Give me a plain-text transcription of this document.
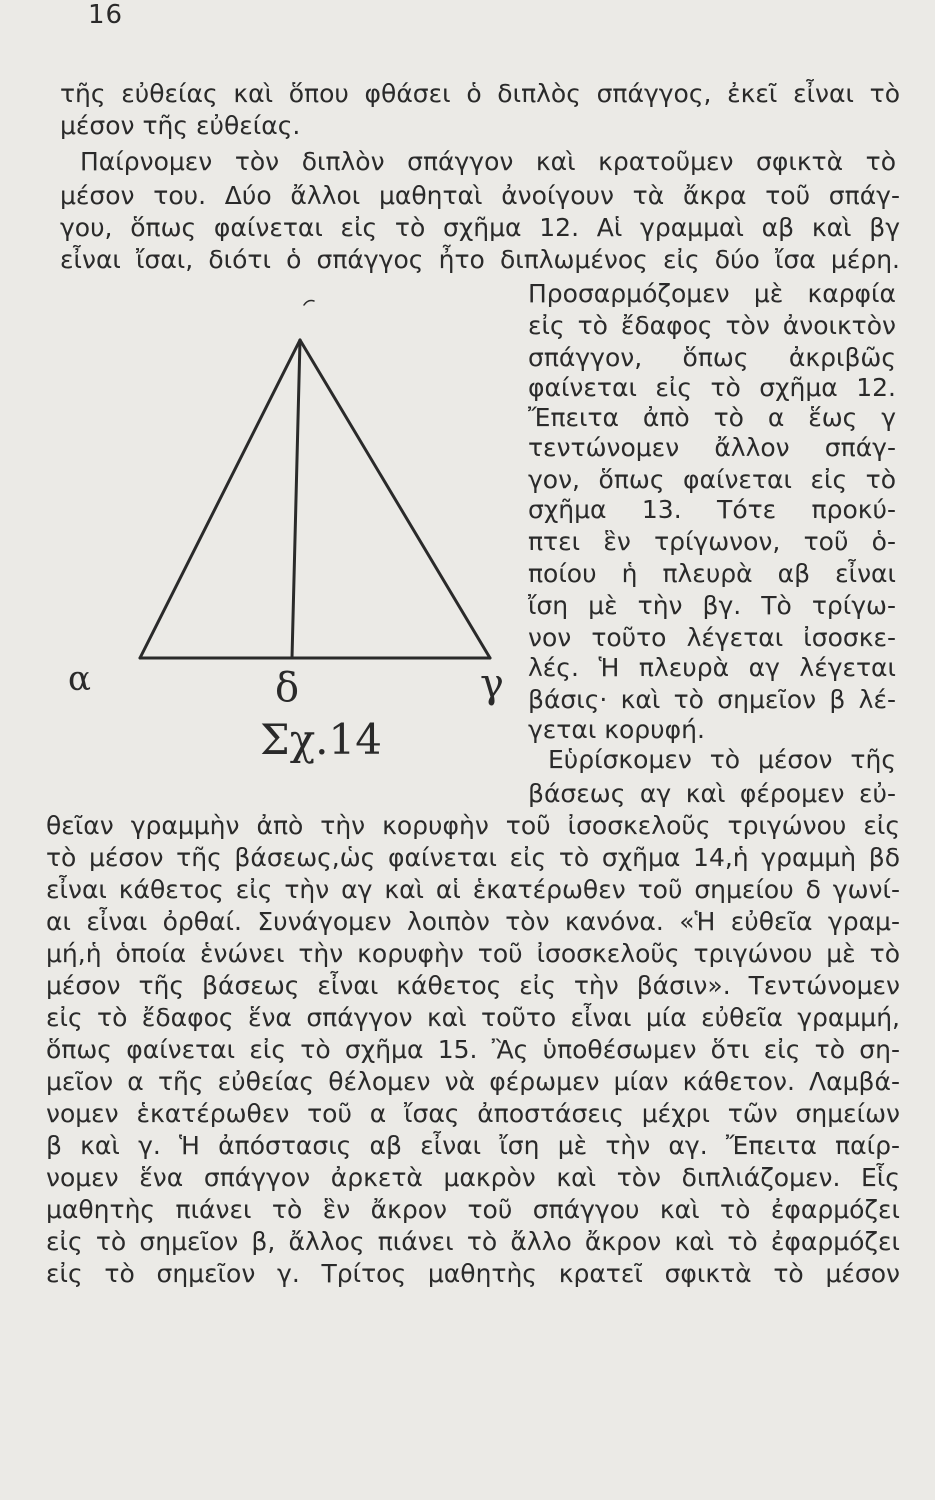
16
τῆς εὐθείας καὶ ὅπου φθάσει ὁ διπλὸς σπάγγος, ἐκεῖ εἶναι τὸ
μέσον τῆς εὐθείας.
Παίρνομεν τὸν διπλὸν σπάγγον καὶ κρατοῦμεν σφικτὰ τὸ
μέσον του. Δύο ἄλλοι μαθηταὶ ἀνοίγουν τὰ ἄκρα τοῦ σπάγ-
γου, ὅπως φαίνεται εἰς τὸ σχῆμα 12. Αἱ γραμμαὶ αβ καὶ βγ
εἶναι ἴσαι, διότι ὁ σπάγγος ἦτο διπλωμένος εἰς δύο ἴσα μέρη.
Προσαρμόζομεν μὲ καρφία
εἰς τὸ ἔδαφος τὸν ἀνοικτὸν
σπάγγον, ὅπως ἀκριβῶς
φαίνεται εἰς τὸ σχῆμα 12.
Ἔπειτα ἀπὸ τὸ α ἕως γ
τεντώνομεν ἄλλον σπάγ-
γον, ὅπως φαίνεται εἰς τὸ
σχῆμα 13. Τότε προκύ-
πτει ἓν τρίγωνον, τοῦ ὁ-
ποίου ἡ πλευρὰ αβ εἶναι
ἴση μὲ τὴν βγ. Τὸ τρίγω-
νον τοῦτο λέγεται ἰσοσκε-
λές. Ἡ πλευρὰ αγ λέγεται
βάσις· καὶ τὸ σημεῖον β λέ-
γεται κορυφή.
Εὑρίσκομεν τὸ μέσον τῆς
βάσεως αγ καὶ φέρομεν εὐ-
θεῖαν γραμμὴν ἀπὸ τὴν κορυφὴν τοῦ ἰσοσκελοῦς τριγώνου εἰς
τὸ μέσον τῆς βάσεως,ὡς φαίνεται εἰς τὸ σχῆμα 14,ἡ γραμμὴ βδ
εἶναι κάθετος εἰς τὴν αγ καὶ αἱ ἑκατέρωθεν τοῦ σημείου δ γωνί-
αι εἶναι ὀρθαί. Συνάγομεν λοιπὸν τὸν κανόνα. «Ἡ εὐθεῖα γραμ-
μή,ἡ ὁποία ἑνώνει τὴν κορυφὴν τοῦ ἰσοσκελοῦς τριγώνου μὲ τὸ
μέσον τῆς βάσεως εἶναι κάθετος εἰς τὴν βάσιν». Τεντώνομεν
εἰς τὸ ἔδαφος ἕνα σπάγγον καὶ τοῦτο εἶναι μία εὐθεῖα γραμμή,
ὅπως φαίνεται εἰς τὸ σχῆμα 15. Ἂς ὑποθέσωμεν ὅτι εἰς τὸ ση-
μεῖον α τῆς εὐθείας θέλομεν νὰ φέρωμεν μίαν κάθετον. Λαμβά-
νομεν ἑκατέρωθεν τοῦ α ἴσας ἀποστάσεις μέχρι τῶν σημείων
β καὶ γ. Ἡ ἀπόστασις αβ εἶναι ἴση μὲ τὴν αγ. Ἔπειτα παίρ-
νομεν ἕνα σπάγγον ἀρκετὰ μακρὸν καὶ τὸν διπλιάζομεν. Εἷς
μαθητὴς πιάνει τὸ ἓν ἄκρον τοῦ σπάγγου καὶ τὸ ἐφαρμόζει
εἰς τὸ σημεῖον β, ἄλλος πιάνει τὸ ἄλλο ἄκρον καὶ τὸ ἐφαρμόζει
εἰς τὸ σημεῖον γ. Τρίτος μαθητὴς κρατεῖ σφικτὰ τὸ μέσον
α	δ	γ
Σχ.14
